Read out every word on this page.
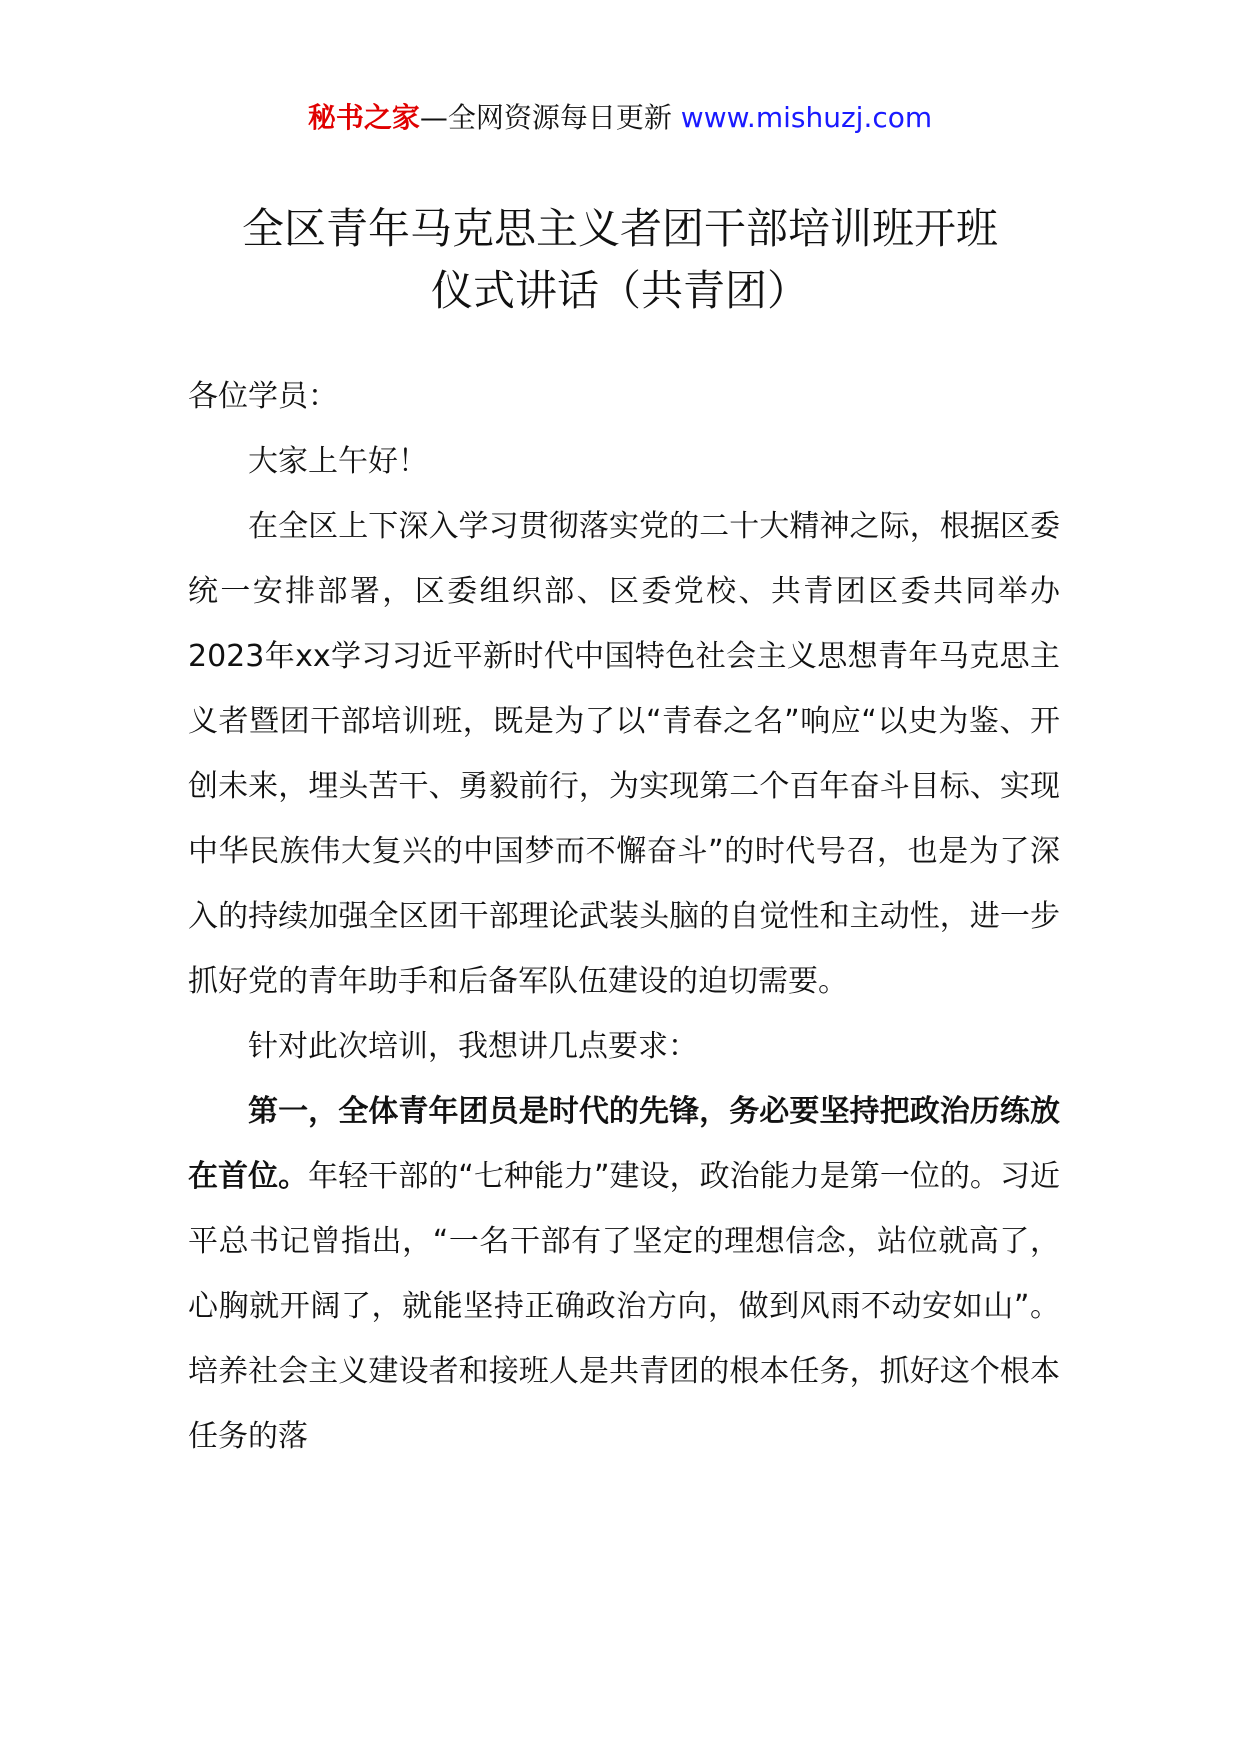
秘书之家—全网资源每日更新 www.mishuzj.com
全区青年马克思主义者团干部培训班开班
仪式讲话（共青团）

各位学员：

大家上午好！

在全区上下深入学习贯彻落实党的二十大精神之际，根据区委统一安排部署，区委组织部、区委党校、共青团区委共同举办2023年xx学习习近平新时代中国特色社会主义思想青年马克思主义者暨团干部培训班，既是为了以“青春之名”响应“以史为鉴、开创未来，埋头苦干、勇毅前行，为实现第二个百年奋斗目标、实现中华民族伟大复兴的中国梦而不懈奋斗”的时代号召，也是为了深入的持续加强全区团干部理论武装头脑的自觉性和主动性，进一步抓好党的青年助手和后备军队伍建设的迫切需要。

针对此次培训，我想讲几点要求：

第一，全体青年团员是时代的先锋，务必要坚持把政治历练放在首位。年轻干部的“七种能力”建设，政治能力是第一位的。习近平总书记曾指出，“一名干部有了坚定的理想信念，站位就高了，心胸就开阔了，就能坚持正确政治方向，做到风雨不动安如山”。培养社会主义建设者和接班人是共青团的根本任务，抓好这个根本任务的落
